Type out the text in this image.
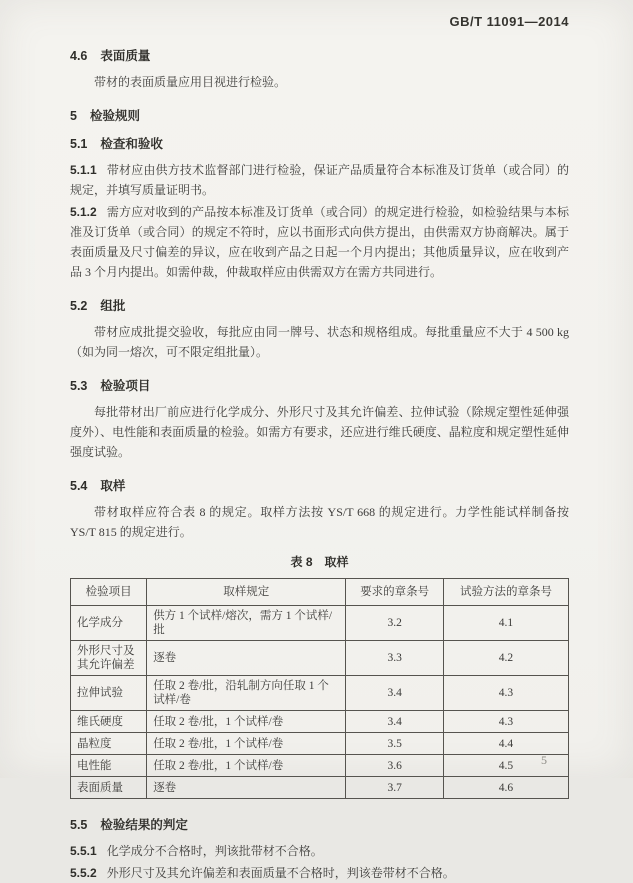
GB/T 11091—2014
4.6 表面质量

带材的表面质量应用目视进行检验。

5 检验规则
5.1 检查和验收

5.1.1 带材应由供方技术监督部门进行检验，保证产品质量符合本标准及订货单（或合同）的规定，并填写质量证明书。

5.1.2 需方应对收到的产品按本标准及订货单（或合同）的规定进行检验，如检验结果与本标准及订货单（或合同）的规定不符时，应以书面形式向供方提出，由供需双方协商解决。属于表面质量及尺寸偏差的异议，应在收到产品之日起一个月内提出；其他质量异议，应在收到产品 3 个月内提出。如需仲裁，仲裁取样应由供需双方在需方共同进行。

5.2 组批

带材应成批提交验收，每批应由同一牌号、状态和规格组成。每批重量应不大于 4 500 kg（如为同一熔次，可不限定组批量）。

5.3 检验项目

每批带材出厂前应进行化学成分、外形尺寸及其允许偏差、拉伸试验（除规定塑性延伸强度外）、电性能和表面质量的检验。如需方有要求，还应进行维氏硬度、晶粒度和规定塑性延伸强度试验。

5.4 取样

带材取样应符合表 8 的规定。取样方法按 YS/T 668 的规定进行。力学性能试样制备按 YS/T 815 的规定进行。

表 8 取样
检验项目	取样规定	要求的章条号	试验方法的章条号
化学成分	供方 1 个试样/熔次，需方 1 个试样/批	3.2	4.1
外形尺寸及其允许偏差	逐卷	3.3	4.2
拉伸试验	任取 2 卷/批，沿轧制方向任取 1 个试样/卷	3.4	4.3
维氏硬度	任取 2 卷/批，1 个试样/卷	3.4	4.3
晶粒度	任取 2 卷/批，1 个试样/卷	3.5	4.4
电性能	任取 2 卷/批，1 个试样/卷	3.6	4.5
表面质量	逐卷	3.7	4.6
5.5 检验结果的判定

5.5.1 化学成分不合格时，判该批带材不合格。

5.5.2 外形尺寸及其允许偏差和表面质量不合格时，判该卷带材不合格。

5
